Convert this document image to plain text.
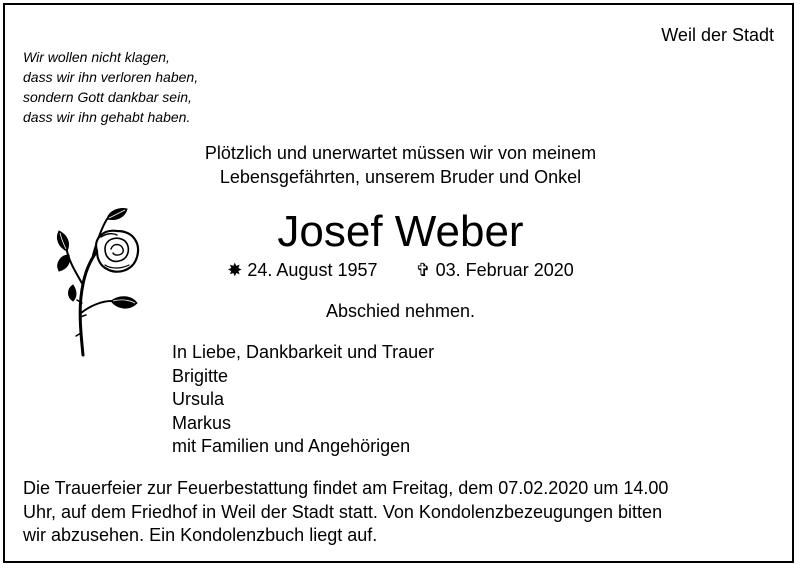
Weil der Stadt
Wir wollen nicht klagen,
dass wir ihn verloren haben,
sondern Gott dankbar sein,
dass wir ihn gehabt haben.
Plötzlich und unerwartet müssen wir von meinem
Lebensgefährten, unserem Bruder und Onkel
Josef Weber
✸ 24. August 1957 ✞ 03. Februar 2020
Abschied nehmen.
In Liebe, Dankbarkeit und Trauer
Brigitte
Ursula
Markus
mit Familien und Angehörigen
Die Trauerfeier zur Feuerbestattung findet am Freitag, dem 07.02.2020 um 14.00
Uhr, auf dem Friedhof in Weil der Stadt statt. Von Kondolenzbezeugungen bitten
wir abzusehen. Ein Kondolenzbuch liegt auf.
